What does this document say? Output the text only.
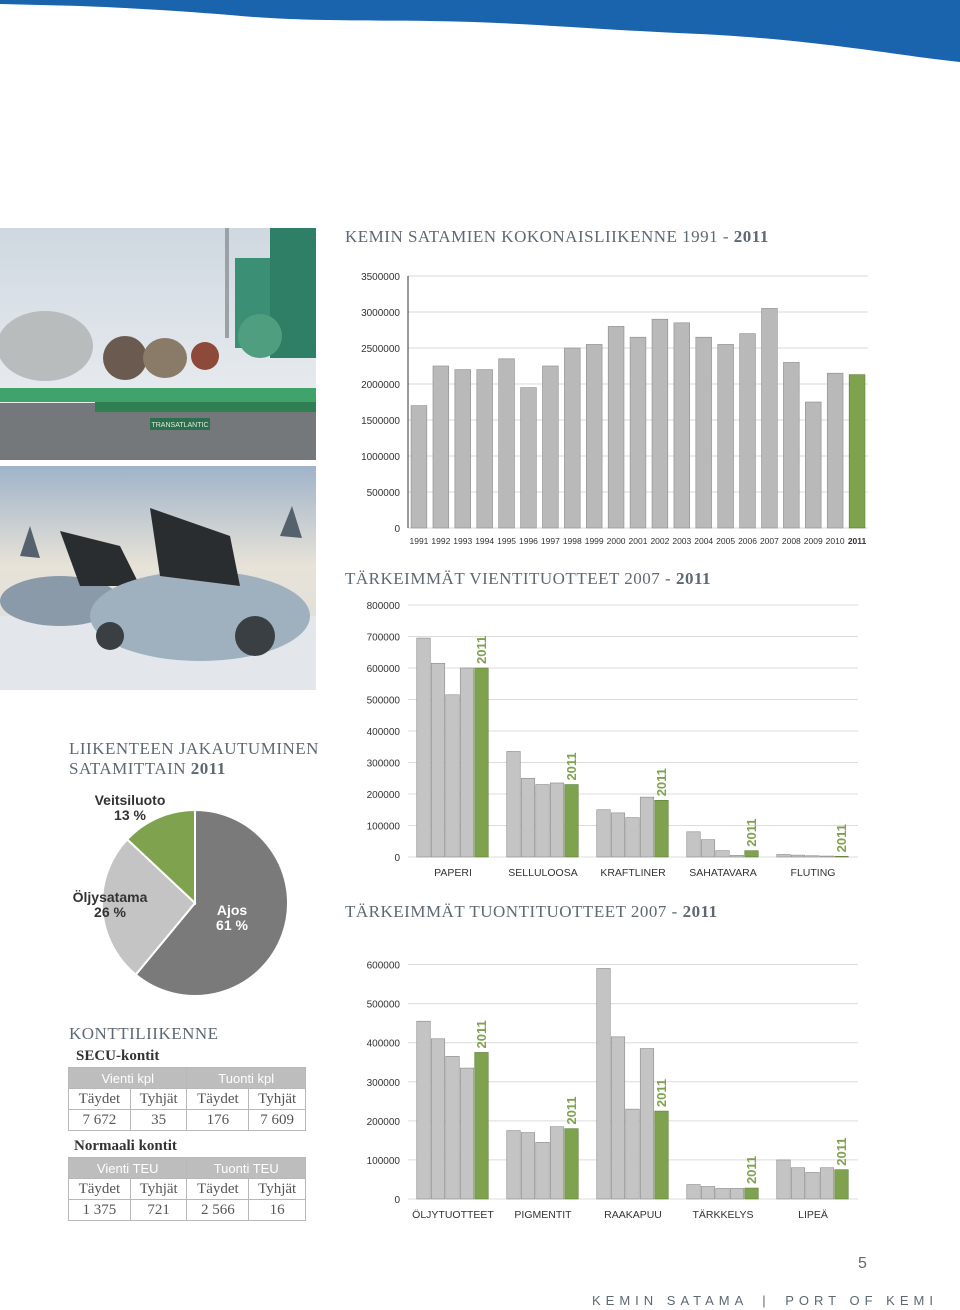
TRANSATLANTIC
KEMIN SATAMIEN KOKONAISLIIKENNE 1991 - 2011
0
500000
1000000
1500000
2000000
2500000
3000000
3500000
1991 1992 1993 1994 1995 1996 1997 1998 1999 2000 2001 2002 2003 2004 2005 2006 2007 2008 2009 2010 2011
TÄRKEIMMÄT VIENTITUOTTEET 2007 - 2011
0
100000
200000
300000
400000
500000
600000
700000
800000
2011
PAPERI
2011
SELLULOOSA
2011
KRAFTLINER
2011
SAHATAVARA
2011
FLUTING
TÄRKEIMMÄT TUONTITUOTTEET 2007 - 2011
0
100000
200000
300000
400000
500000
600000
2011
ÖLJYTUOTTEET
2011
PIGMENTIT
2011
RAAKAPUU
2011
TÄRKKELYS
2011
LIPEÄ
LIIKENTEEN JAKAUTUMINEN
SATAMITTAIN 2011
Ajos
61 %
Öljysatama
26 %
Veitsiluoto
13 %
KONTTILIIKENNE
SECU-kontit
Vienti kpl		Tuonti kpl	
Täydet	Tyhjät	Täydet	Tyhjät
7 672	35	176	7 609
Normaali kontit
Vienti TEU		Tuonti TEU	
Täydet	Tyhjät	Täydet	Tyhjät
1 375	721	2 566	16
5
KEMIN SATAMA | PORT OF KEMI
